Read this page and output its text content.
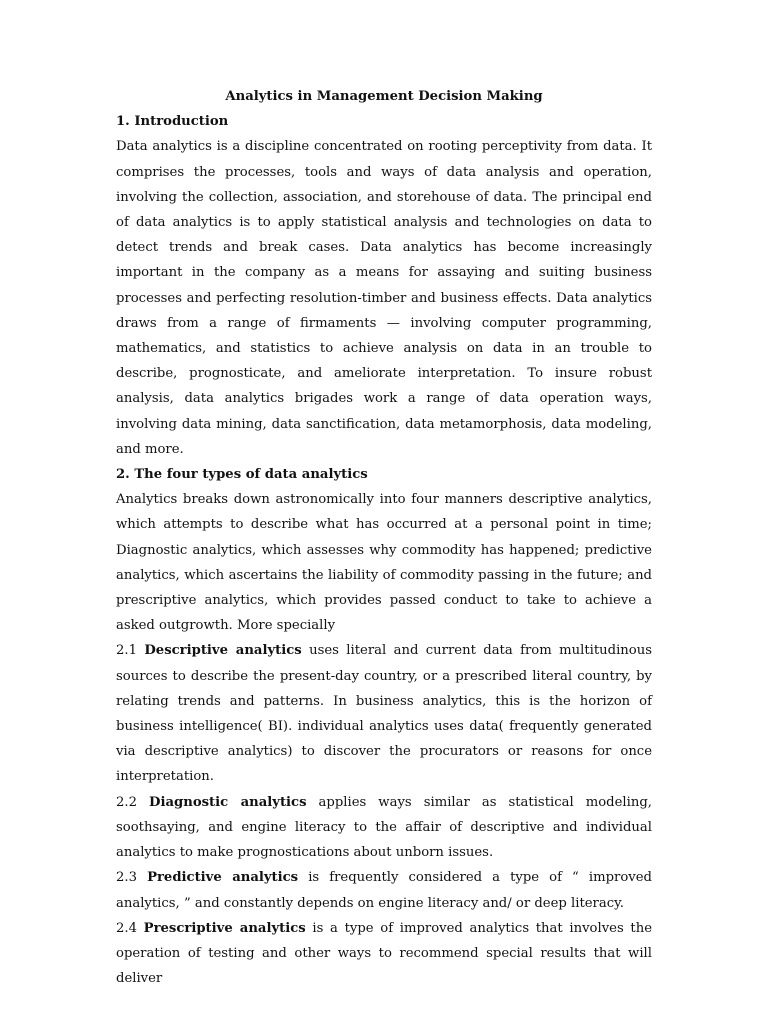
Analytics in Management Decision Making
1. Introduction

Data analytics is a discipline concentrated on rooting perceptivity from data. It comprises the processes, tools and ways of data analysis and operation, involving the collection, association, and storehouse of data. The principal end of data analytics is to apply statistical analysis and technologies on data to detect trends and break cases. Data analytics has become increasingly important in the company as a means for assaying and suiting business processes and perfecting resolution-timber and business effects. Data analytics draws from a range of firmaments — involving computer programming, mathematics, and statistics to achieve analysis on data in an trouble to describe, prognosticate, and ameliorate interpretation. To insure robust analysis, data analytics brigades work a range of data operation ways, involving data mining, data sanctification, data metamorphosis, data modeling, and more.

2. The four types of data analytics

Analytics breaks down astronomically into four manners descriptive analytics, which attempts to describe what has occurred at a personal point in time; Diagnostic analytics, which assesses why commodity has happened; predictive analytics, which ascertains the liability of commodity passing in the future; and prescriptive analytics, which provides passed conduct to take to achieve a asked outgrowth. More specially

2.1 Descriptive analytics uses literal and current data from multitudinous sources to describe the present-day country, or a prescribed literal country, by relating trends and patterns. In business analytics, this is the horizon of business intelligence( BI). individual analytics uses data( frequently generated via descriptive analytics) to discover the procurators or reasons for once interpretation.

2.2 Diagnostic analytics applies ways similar as statistical modeling, soothsaying, and engine literacy to the affair of descriptive and individual analytics to make prognostications about unborn issues.

2.3 Predictive analytics is frequently considered a type of “ improved analytics, ” and constantly depends on engine literacy and/ or deep literacy.

2.4 Prescriptive analytics is a type of improved analytics that involves the operation of testing and other ways to recommend special results that will deliver
